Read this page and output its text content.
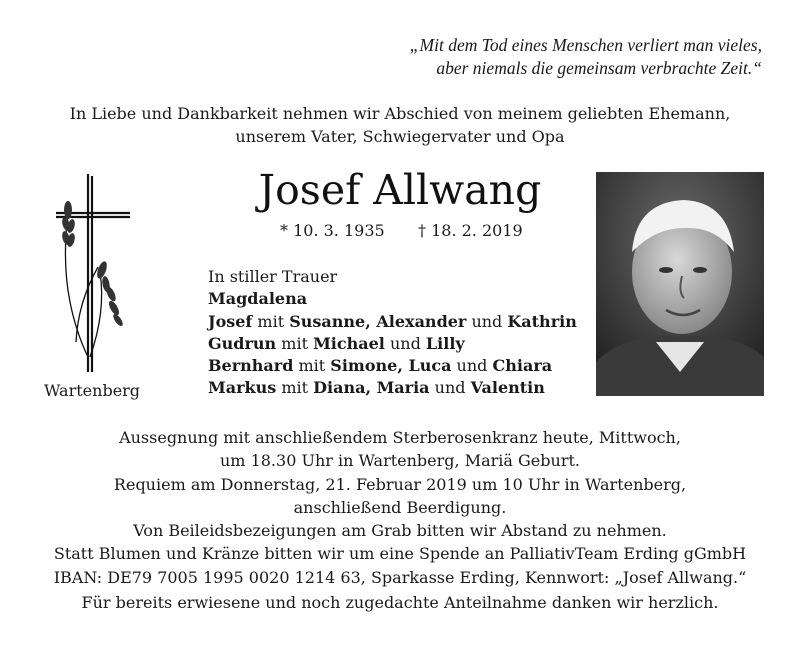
„Mit dem Tod eines Menschen verliert man vieles,
aber niemals die gemeinsam verbrachte Zeit.“
In Liebe und Dankbarkeit nehmen wir Abschied von meinem geliebten Ehemann,
unserem Vater, Schwiegervater und Opa
Josef Allwang
* 10. 3. 1935 † 18. 2. 2019
Wartenberg
In stiller Trauer
Magdalena
Josef mit Susanne, Alexander und Kathrin
Gudrun mit Michael und Lilly
Bernhard mit Simone, Luca und Chiara
Markus mit Diana, Maria und Valentin
Aussegnung mit anschließendem Sterberosenkranz heute, Mittwoch,
um 18.30 Uhr in Wartenberg, Mariä Geburt.
Requiem am Donnerstag, 21. Februar 2019 um 10 Uhr in Wartenberg,
anschließend Beerdigung.
Von Beileidsbezeigungen am Grab bitten wir Abstand zu nehmen.
Statt Blumen und Kränze bitten wir um eine Spende an PalliativTeam Erding gGmbH
IBAN: DE79 7005 1995 0020 1214 63, Sparkasse Erding, Kennwort: „Josef Allwang.“
Für bereits erwiesene und noch zugedachte Anteilnahme danken wir herzlich.
